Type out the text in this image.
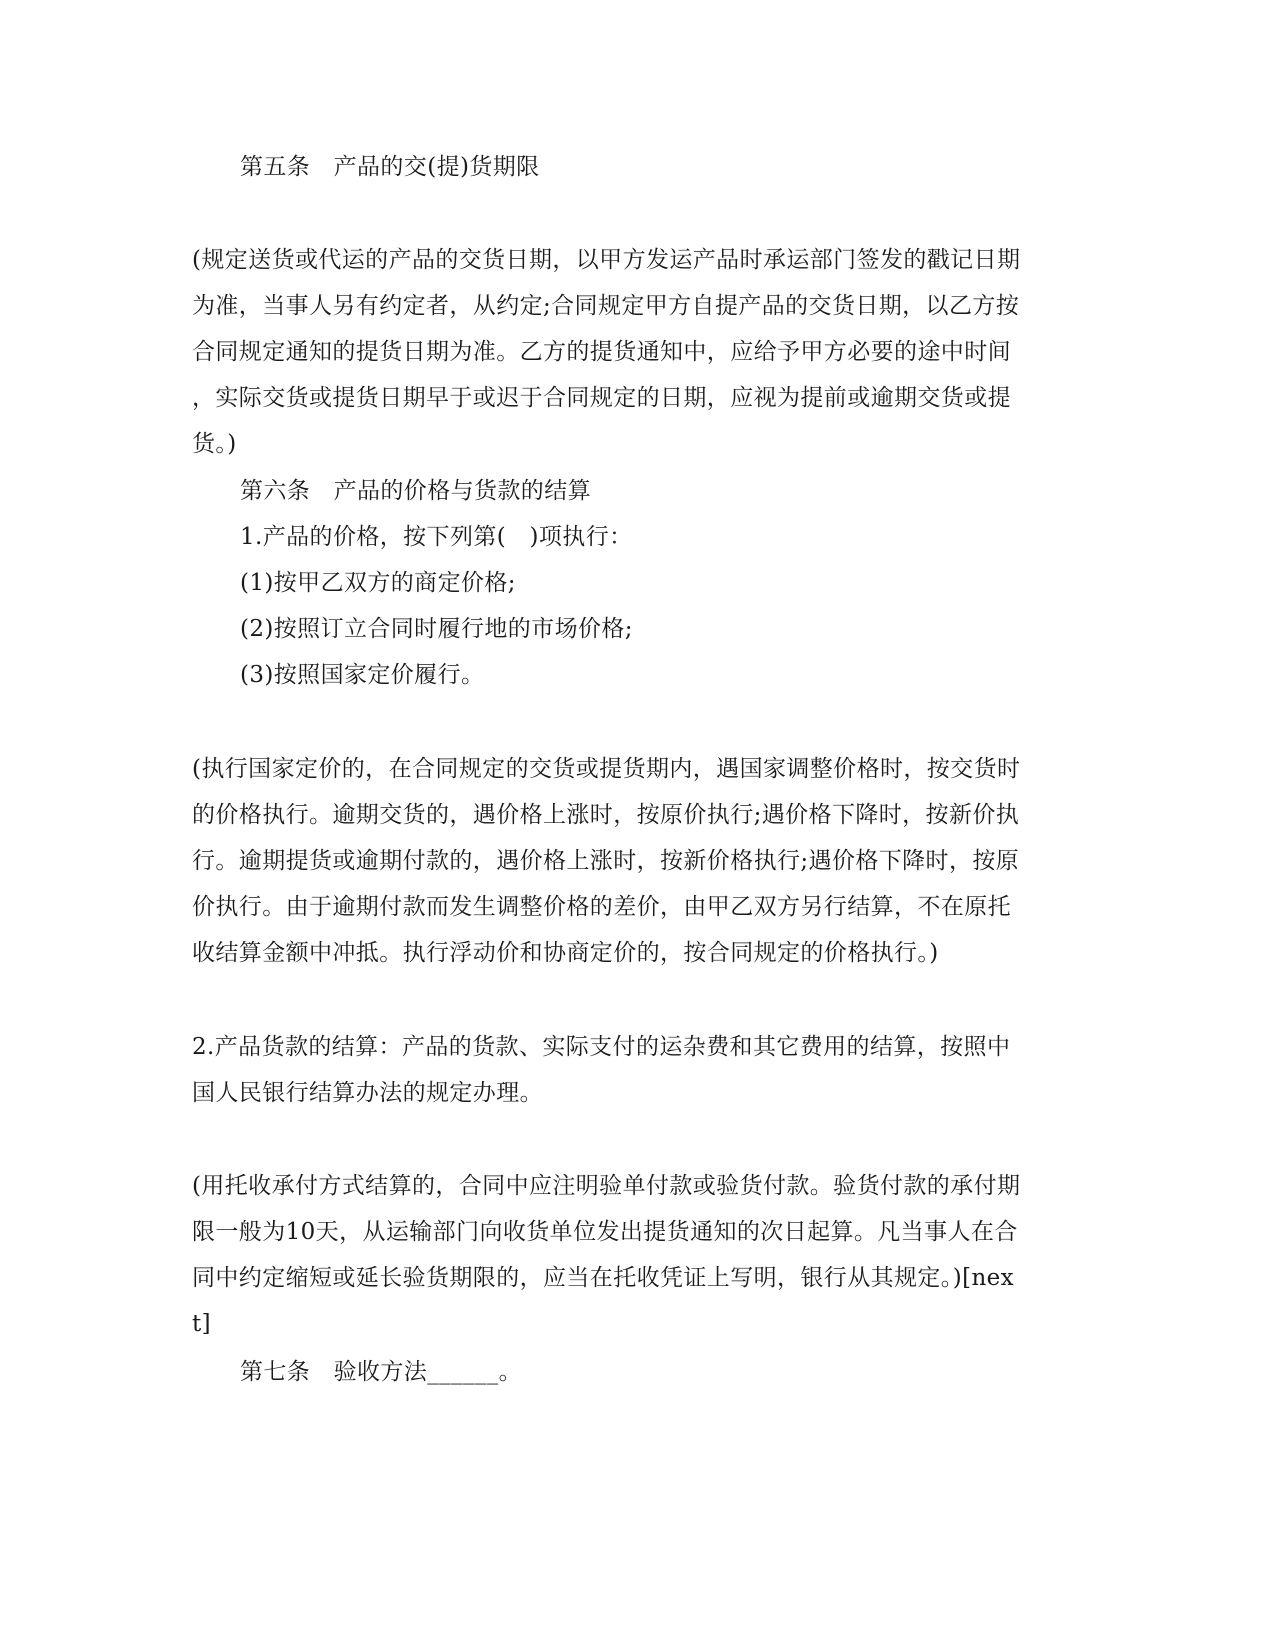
第五条　产品的交(提)货期限
(规定送货或代运的产品的交货日期，以甲方发运产品时承运部门签发的戳记日期
为准，当事人另有约定者，从约定;合同规定甲方自提产品的交货日期，以乙方按
合同规定通知的提货日期为准。乙方的提货通知中，应给予甲方必要的途中时间
，实际交货或提货日期早于或迟于合同规定的日期，应视为提前或逾期交货或提
货。)
第六条　产品的价格与货款的结算
1.产品的价格，按下列第(　)项执行：
(1)按甲乙双方的商定价格;
(2)按照订立合同时履行地的市场价格;
(3)按照国家定价履行。
(执行国家定价的，在合同规定的交货或提货期内，遇国家调整价格时，按交货时
的价格执行。逾期交货的，遇价格上涨时，按原价执行;遇价格下降时，按新价执
行。逾期提货或逾期付款的，遇价格上涨时，按新价格执行;遇价格下降时，按原
价执行。由于逾期付款而发生调整价格的差价，由甲乙双方另行结算，不在原托
收结算金额中冲抵。执行浮动价和协商定价的，按合同规定的价格执行。)
2.产品货款的结算：产品的货款、实际支付的运杂费和其它费用的结算，按照中
国人民银行结算办法的规定办理。
(用托收承付方式结算的，合同中应注明验单付款或验货付款。验货付款的承付期
限一般为10天，从运输部门向收货单位发出提货通知的次日起算。凡当事人在合
同中约定缩短或延长验货期限的，应当在托收凭证上写明，银行从其规定。)[nex
t]
第七条　验收方法______。
